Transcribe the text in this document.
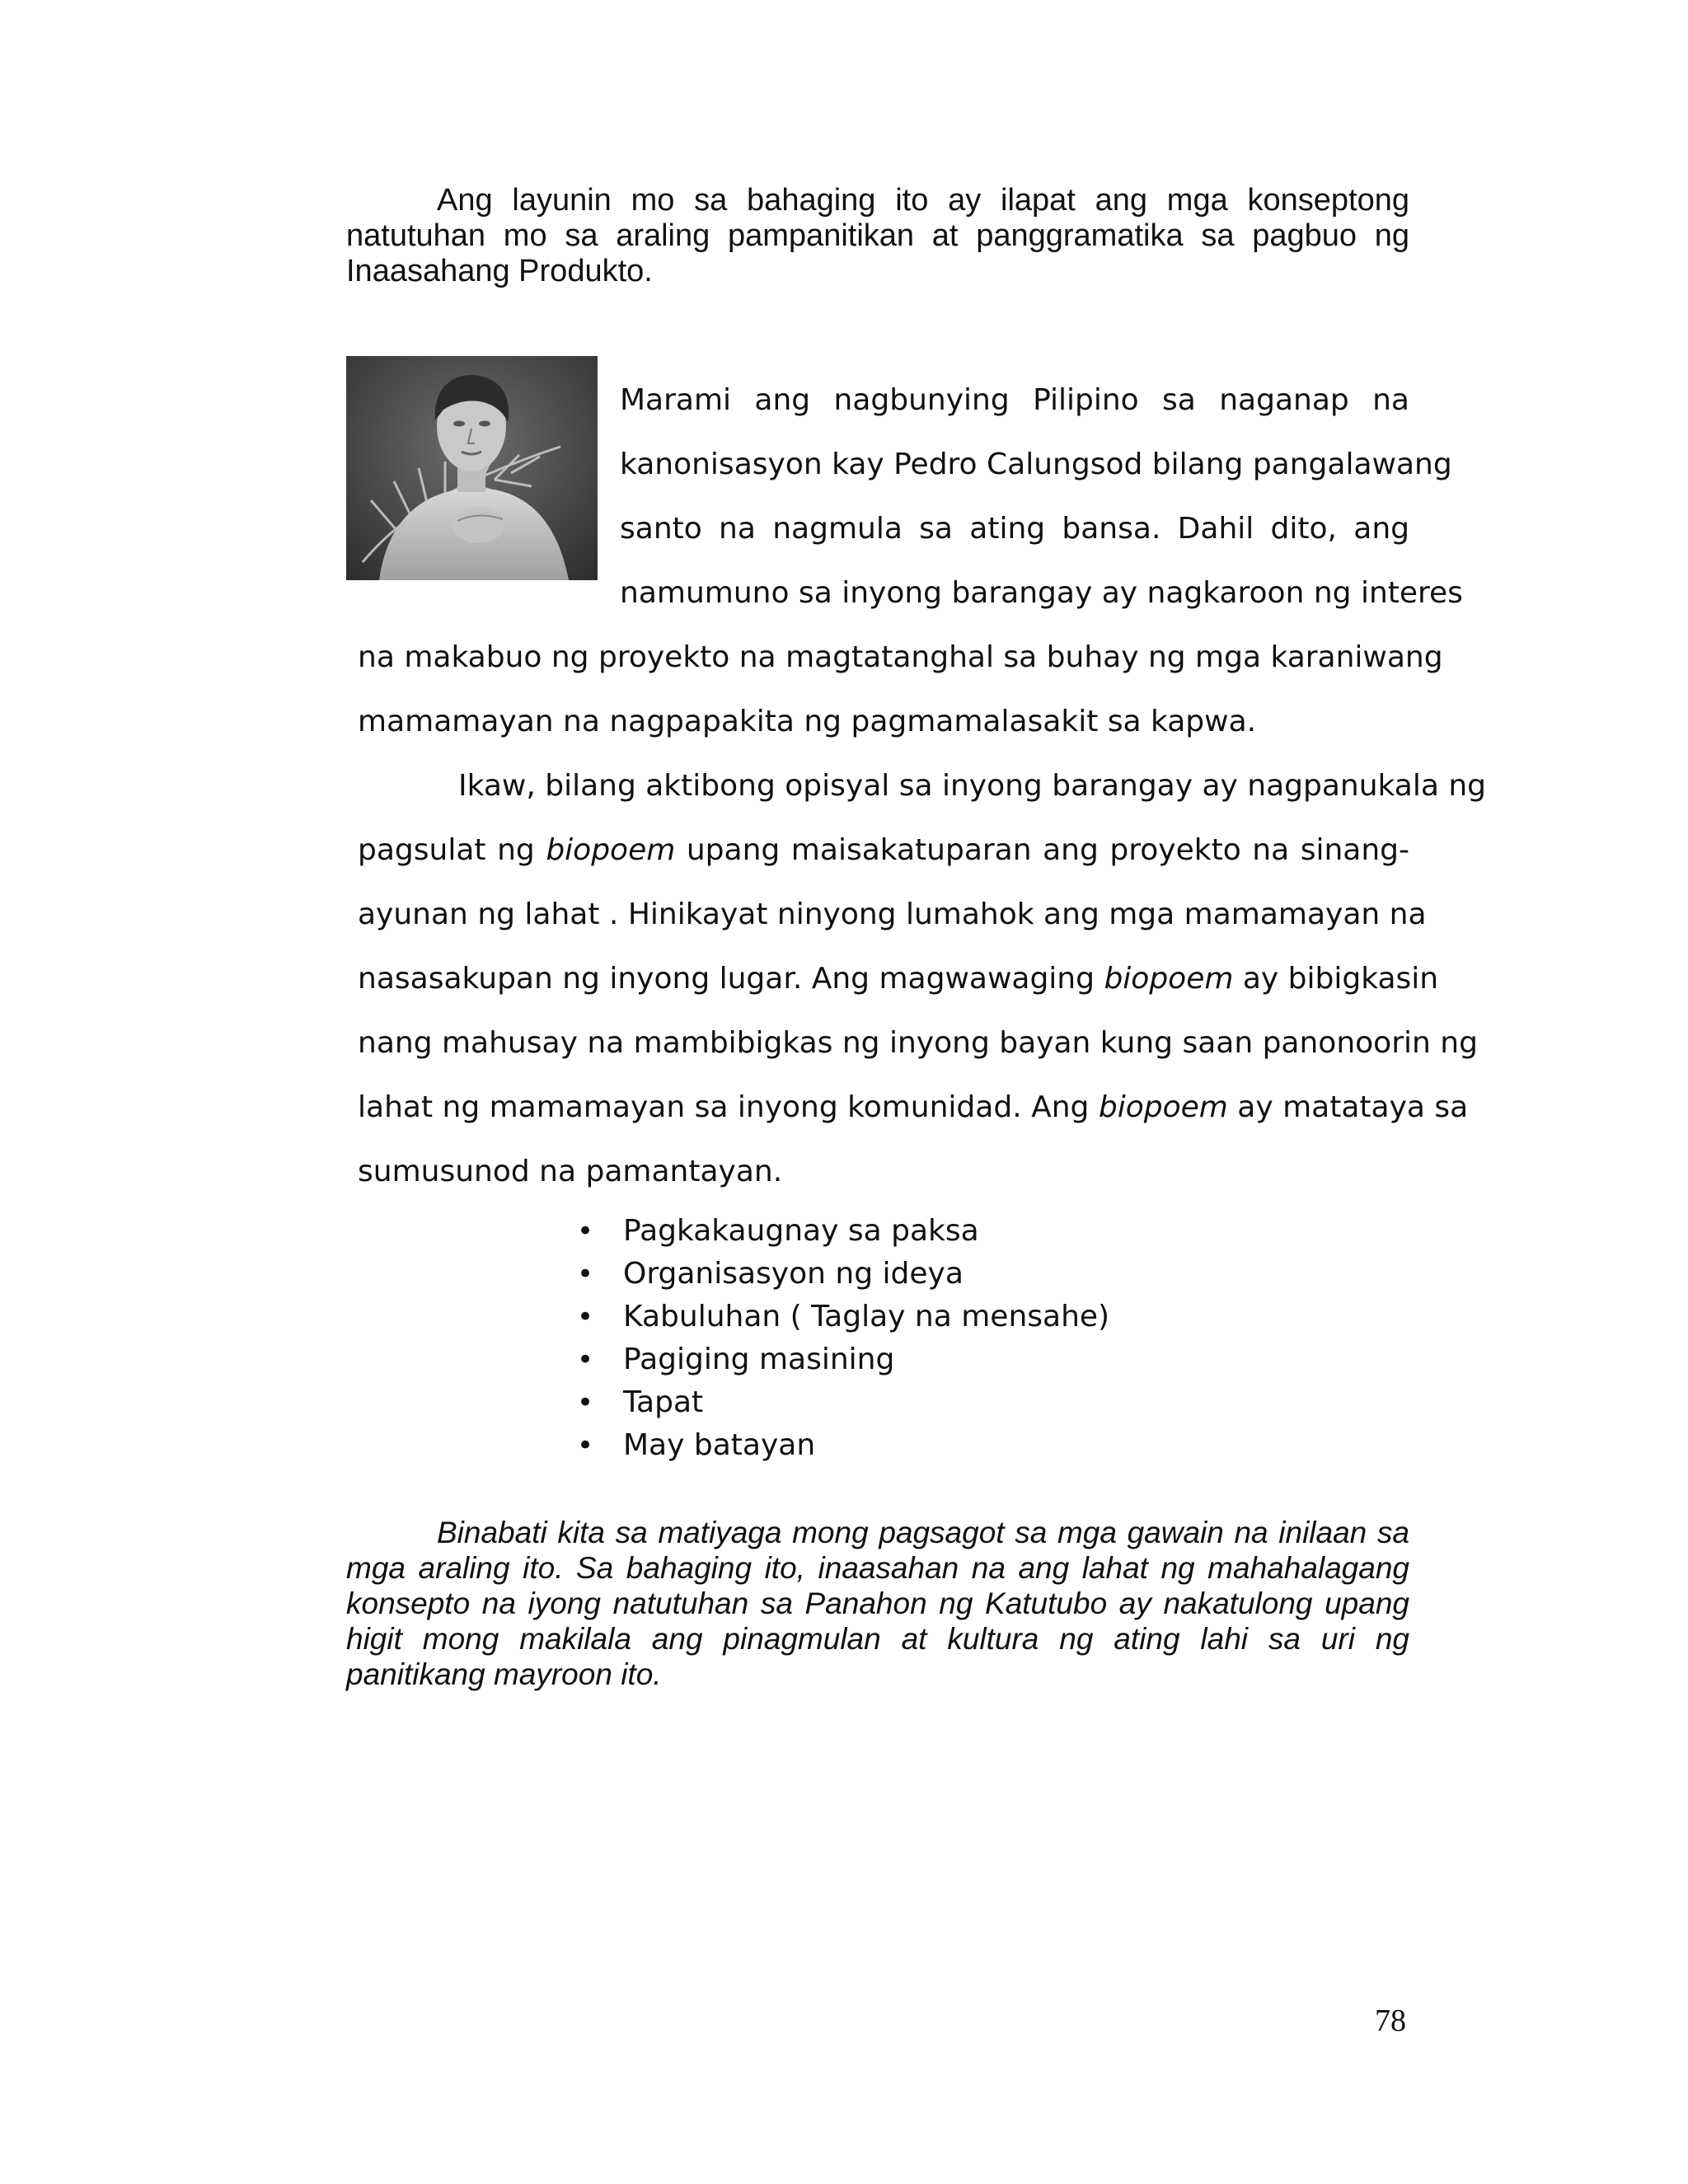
Ang layunin mo sa bahaging ito ay ilapat ang mga konseptong
natutuhan mo sa araling pampanitikan at panggramatika sa pagbuo ng
Inaasahang Produkto.
Marami ang nagbunying Pilipino sa naganap na
kanonisasyon kay Pedro Calungsod bilang pangalawang
santo na nagmula sa ating bansa. Dahil dito, ang
namumuno sa inyong barangay ay nagkaroon ng interes
na makabuo ng proyekto na magtatanghal sa buhay ng mga karaniwang
mamamayan na nagpapakita ng pagmamalasakit sa kapwa.
Ikaw, bilang aktibong opisyal sa inyong barangay ay nagpanukala ng
pagsulat ng biopoem upang maisakatuparan ang proyekto na sinang-
ayunan ng lahat . Hinikayat ninyong lumahok ang mga mamamayan na
nasasakupan ng inyong lugar. Ang magwawaging biopoem ay bibigkasin
nang mahusay na mambibigkas ng inyong bayan kung saan panonoorin ng
lahat ng mamamayan sa inyong komunidad. Ang biopoem ay matataya sa
sumusunod na pamantayan.
• Pagkakaugnay sa paksa
• Organisasyon ng ideya
• Kabuluhan ( Taglay na mensahe)
• Pagiging masining
• Tapat
• May batayan
Binabati kita sa matiyaga mong pagsagot sa mga gawain na inilaan sa
mga araling ito. Sa bahaging ito, inaasahan na ang lahat ng mahahalagang
konsepto na iyong natutuhan sa Panahon ng Katutubo ay nakatulong upang
higit mong makilala ang pinagmulan at kultura ng ating lahi sa uri ng
panitikang mayroon ito.
78
